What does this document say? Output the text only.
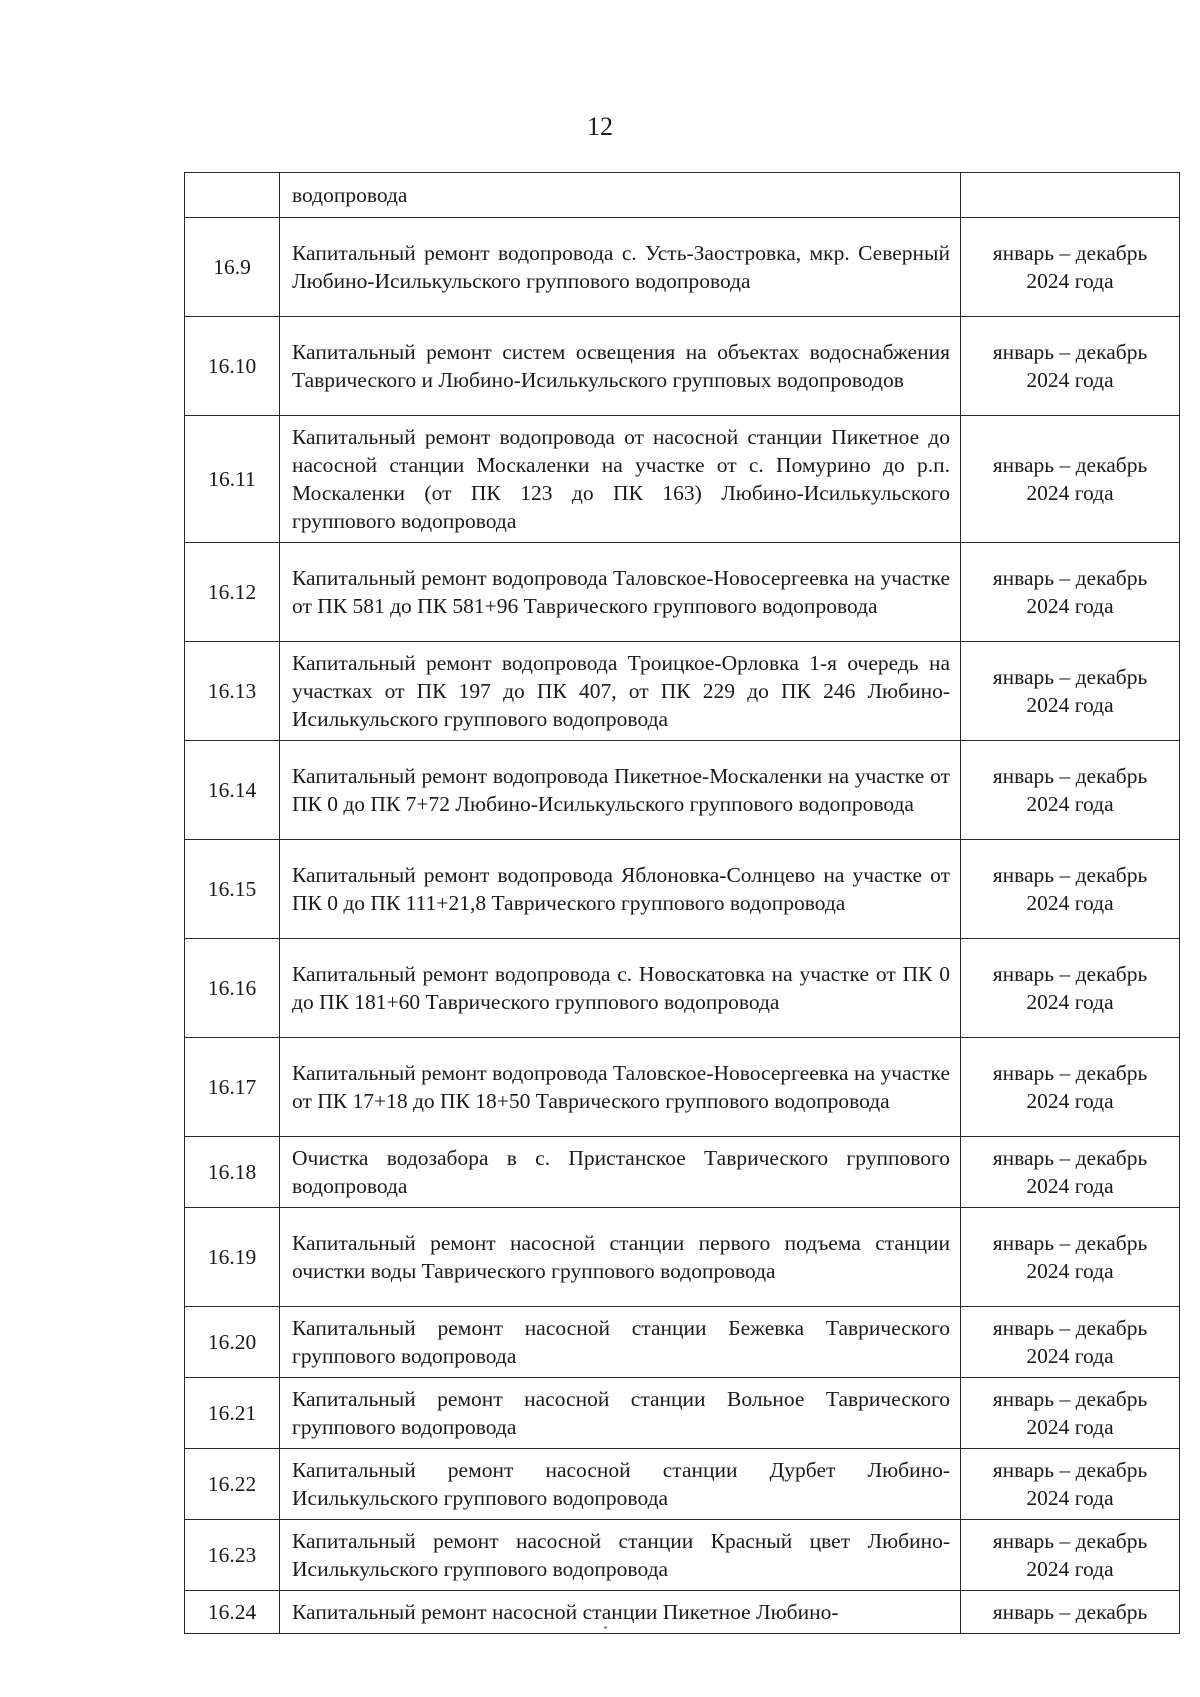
12
	водопровода	

16.9	Капитальный ремонт водопровода с. Усть-Заостровка, мкр. Северный Любино-Исилькульского группового водопровода	январь – декабрь
2024 года

16.10	Капитальный ремонт систем освещения на объектах водоснабжения Таврического и Любино-Исилькульского групповых водопроводов	январь – декабрь
2024 года

16.11	Капитальный ремонт водопровода от насосной станции Пикетное до насосной станции Москаленки на участке от с. Помурино до р.п. Москаленки (от ПК 123 до ПК 163) Любино-Исилькульского группового водопровода	январь – декабрь
2024 года

16.12	Капитальный ремонт водопровода Таловское-Новосергеевка на участке от ПК 581 до ПК 581+96 Таврического группового водопровода	январь – декабрь
2024 года

16.13	Капитальный ремонт водопровода Троицкое-Орловка 1-я очередь на участках от ПК 197 до ПК 407, от ПК 229 до ПК 246 Любино-Исилькульского группового водопровода	январь – декабрь
2024 года

16.14	Капитальный ремонт водопровода Пикетное-Москаленки на участке от ПК 0 до ПК 7+72 Любино-Исилькульского группового водопровода	январь – декабрь
2024 года

16.15	Капитальный ремонт водопровода Яблоновка-Солнцево на участке от ПК 0 до ПК 111+21,8 Таврического группового водопровода	январь – декабрь
2024 года

16.16	Капитальный ремонт водопровода с. Новоскатовка на участке от ПК 0 до ПК 181+60 Таврического группового водопровода	январь – декабрь
2024 года

16.17	Капитальный ремонт водопровода Таловское-Новосергеевка на участке от ПК 17+18 до ПК 18+50 Таврического группового водопровода	январь – декабрь
2024 года

16.18	Очистка водозабора в с. Пристанское Таврического группового водопровода	январь – декабрь
2024 года

16.19	Капитальный ремонт насосной станции первого подъема станции очистки воды Таврического группового водопровода	январь – декабрь
2024 года

16.20	Капитальный ремонт насосной станции Бежевка Таврического группового водопровода	январь – декабрь
2024 года

16.21	Капитальный ремонт насосной станции Вольное Таврического группового водопровода	январь – декабрь
2024 года

16.22	Капитальный ремонт насосной станции Дурбет Любино-Исилькульского группового водопровода	январь – декабрь
2024 года

16.23	Капитальный ремонт насосной станции Красный цвет Любино-Исилькульского группового водопровода	январь – декабрь
2024 года

16.24	Капитальный ремонт насосной станции Пикетное Любино-	январь – декабрь
